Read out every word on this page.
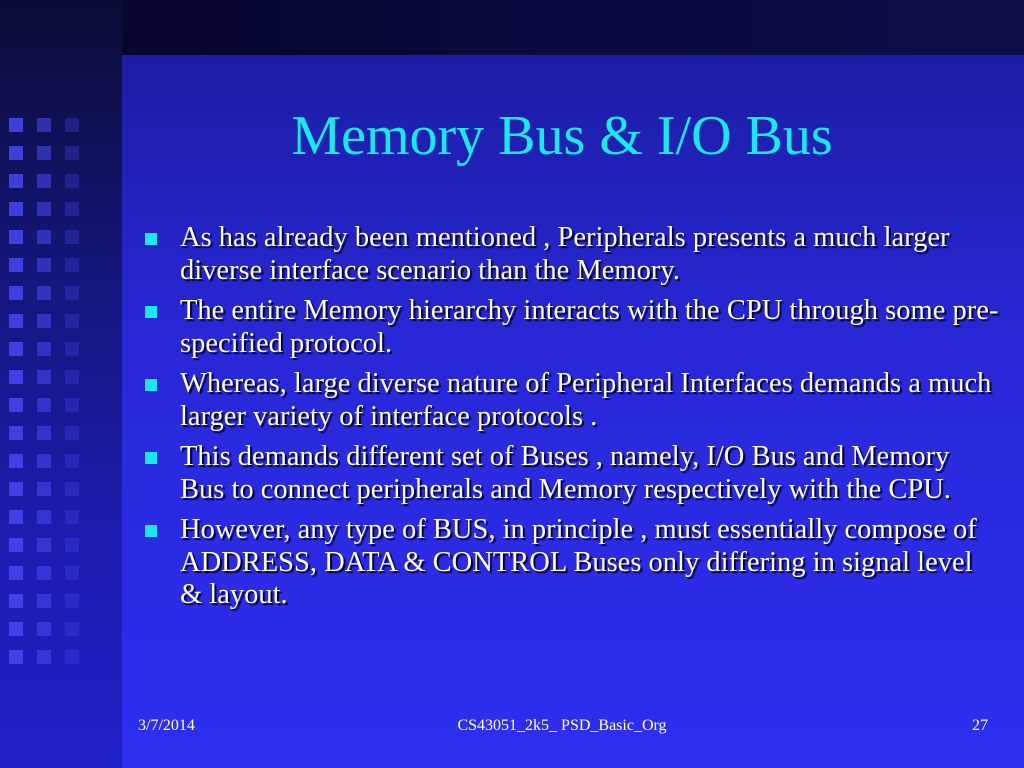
Memory Bus & I/O Bus
As has already been mentioned , Peripherals presents a much larger diverse interface scenario than the Memory.
The entire Memory hierarchy interacts with the CPU through some pre-specified protocol.
Whereas, large diverse nature of Peripheral Interfaces demands a much larger variety of interface protocols .
This demands different set of Buses , namely, I/O Bus and Memory Bus to connect peripherals and Memory respectively with the CPU.
However, any type of BUS, in principle , must essentially compose of ADDRESS, DATA & CONTROL Buses only differing in signal level & layout.
3/7/2014	CS43051_2k5_ PSD_Basic_Org	27
